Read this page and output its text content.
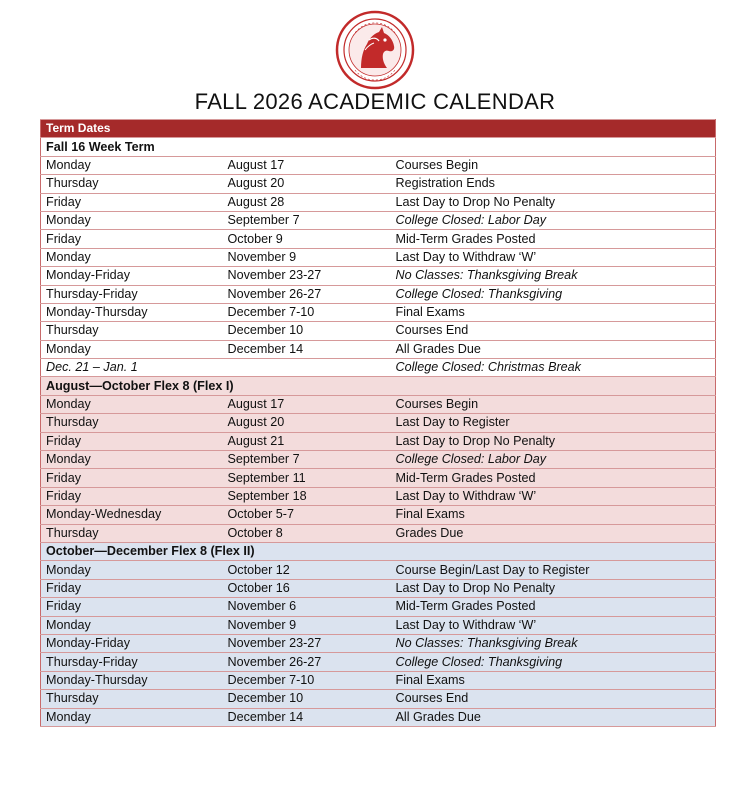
FALL 2026 ACADEMIC CALENDAR
Term Dates		
Fall 16 Week Term		
Monday	August 17	Courses Begin
Thursday	August 20	Registration Ends
Friday	August 28	Last Day to Drop No Penalty
Monday	September 7	College Closed: Labor Day
Friday	October 9	Mid-Term Grades Posted
Monday	November 9	Last Day to Withdraw ‘W’
Monday-Friday	November 23-27	No Classes: Thanksgiving Break
Thursday-Friday	November 26-27	College Closed: Thanksgiving
Monday-Thursday	December 7-10	Final Exams
Thursday	December 10	Courses End
Monday	December 14	All Grades Due
Dec. 21 – Jan. 1		College Closed: Christmas Break
August—October Flex 8 (Flex I)		
Monday	August 17	Courses Begin
Thursday	August 20	Last Day to Register
Friday	August 21	Last Day to Drop No Penalty
Monday	September 7	College Closed: Labor Day
Friday	September 11	Mid-Term Grades Posted
Friday	September 18	Last Day to Withdraw ‘W’
Monday-Wednesday	October 5-7	Final Exams
Thursday	October 8	Grades Due
October—December Flex 8 (Flex II)		
Monday	October 12	Course Begin/Last Day to Register
Friday	October 16	Last Day to Drop No Penalty
Friday	November 6	Mid-Term Grades Posted
Monday	November 9	Last Day to Withdraw ‘W’
Monday-Friday	November 23-27	No Classes: Thanksgiving Break
Thursday-Friday	November 26-27	College Closed: Thanksgiving
Monday-Thursday	December 7-10	Final Exams
Thursday	December 10	Courses End
Monday	December 14	All Grades Due
